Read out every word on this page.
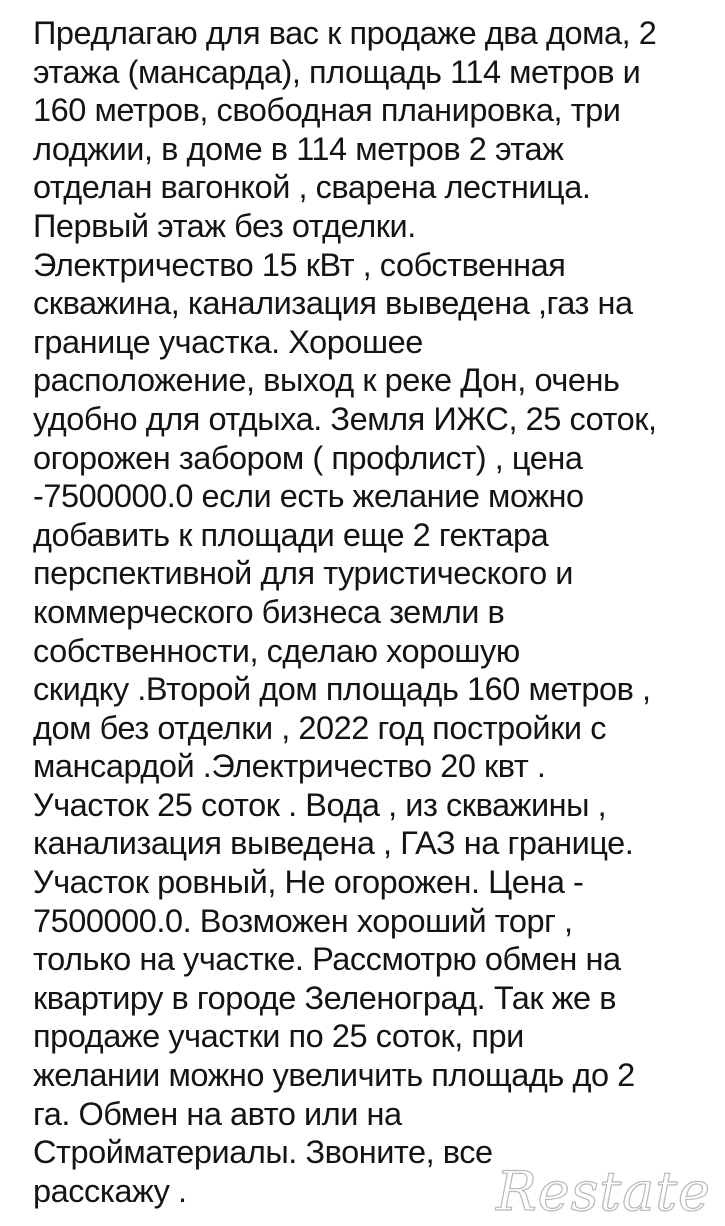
Предлагаю для вас к продаже два дома, 2
этажа (мансарда), площадь 114 метров и
160 метров, свободная планировка, три
лоджии, в доме в 114 метров 2 этаж
отделан вагонкой , сварена лестница.
Первый этаж без отделки.
Электричество 15 кВт , собственная
скважина, канализация выведена ,газ на
границе участка. Хорошее
расположение, выход к реке Дон, очень
удобно для отдыха. Земля ИЖС, 25 соток,
огорожен забором ( профлист) , цена
-7500000.0 если есть желание можно
добавить к площади еще 2 гектара
перспективной для туристического и
коммерческого бизнеса земли в
собственности, сделаю хорошую
скидку .Второй дом площадь 160 метров ,
дом без отделки , 2022 год постройки с
мансардой .Электричество 20 квт .
Участок 25 соток . Вода , из скважины ,
канализация выведена , ГАЗ на границе.
Участок ровный, Не огорожен. Цена -
7500000.0. Возможен хороший торг ,
только на участке. Рассмотрю обмен на
квартиру в городе Зеленоград. Так же в
продаже участки по 25 соток, при
желании можно увеличить площадь до 2
га. Обмен на авто или на
Стройматериалы. Звоните, все
расскажу .	Restate
